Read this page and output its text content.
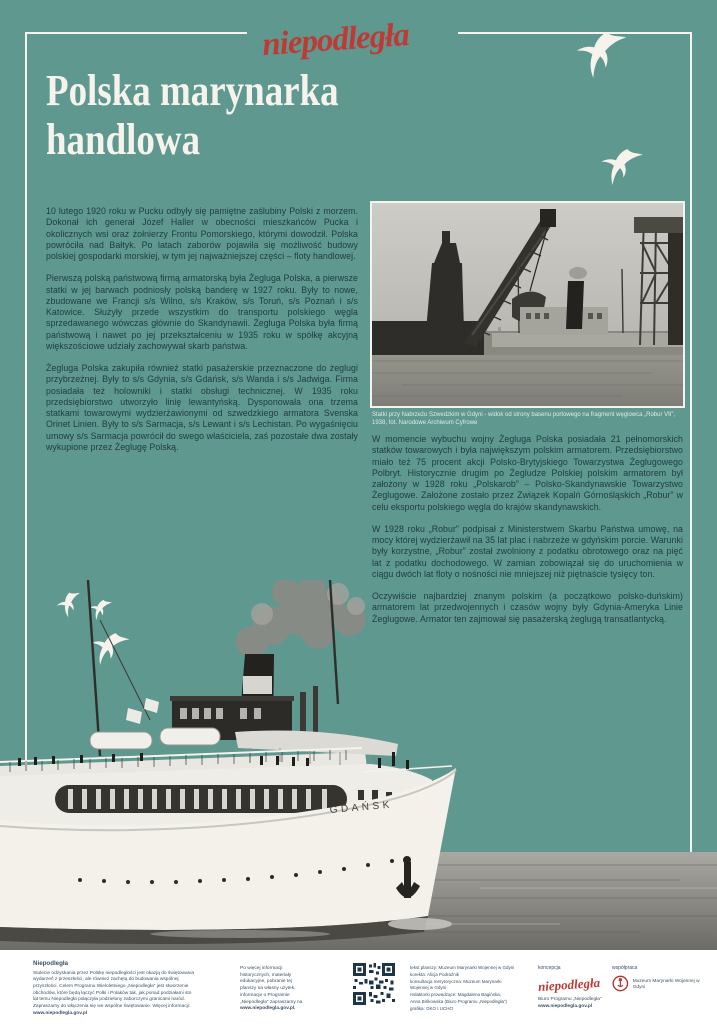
niepodległa
Polska marynarka
handlowa

10 lutego 1920 roku w Pucku odbyły się pamiętne zaślubiny Polski z morzem. Dokonał ich generał Józef Haller w obecności mieszkańców Pucka i okolicznych wsi oraz żołnierzy Frontu Pomorskiego, którymi dowodził. Polska powróciła nad Bałtyk. Po latach zaborów pojawiła się możliwość budowy polskiej gospodarki morskiej, w tym jej najważniejszej części – floty handlowej.

Pierwszą polską państwową firmą armatorską była Żegluga Polska, a pierwsze statki w jej barwach podniosły polską banderę w 1927 roku. Były to nowe, zbudowane we Francji s/s Wilno, s/s Kraków, s/s Toruń, s/s Poznań i s/s Katowice. Służyły przede wszystkim do transportu polskiego węgla sprzedawanego wówczas głównie do Skandynawii. Żegluga Polska była firmą państwową i nawet po jej przekształceniu w 1935 roku w spółkę akcyjną większościowe udziały zachowywał skarb państwa.

Żegluga Polska zakupiła również statki pasażerskie przeznaczone do żeglugi przybrzeżnej. Były to s/s Gdynia, s/s Gdańsk, s/s Wanda i s/s Jadwiga. Firma posiadała też holowniki i statki obsługi technicznej. W 1935 roku przedsiębiorstwo utworzyło linię lewantyńską. Dysponowała ona trzema statkami towarowymi wydzierżawionymi od szwedzkiego armatora Svenska Orinet Linien. Były to s/s Sarmacja, s/s Lewant i s/s Lechistan. Po wygaśnięciu umowy s/s Sarmacja powrócił do swego właściciela, zaś pozostałe dwa zostały wykupione przez Żeglugę Polską.

Statki przy Nabrzeżu Szwedzkim w Gdyni - widok od strony basenu portowego na fragment węglowca „Robur VII”, 1938, fot. Narodowe Archiwum Cyfrowe

W momencie wybuchu wojny Żegluga Polska posiadała 21 pełnomorskich statków towarowych i była największym polskim armatorem. Przedsiębiorstwo miało też 75 procent akcji Polsko-Brytyjskiego Towarzystwa Żeglugowego Polbryt. Historycznie drugim po Żegludze Polskiej polskim armatorem był założony w 1928 roku „Polskarob” – Polsko-Skandynawskie Towarzystwo Żeglugowe. Założone zostało przez Związek Kopalń Górnośląskich „Robur” w celu eksportu polskiego węgla do krajów skandynawskich.

W 1928 roku „Robur” podpisał z Ministerstwem Skarbu Państwa umowę, na mocy której wydzierżawił na 35 lat plac i nabrzeże w gdyńskim porcie. Warunki były korzystne, „Robur” został zwolniony z podatku obrotowego oraz na pięć lat z podatku dochodowego. W zamian zobowiązał się do uruchomienia w ciągu dwóch lat floty o nośności nie mniejszej niż piętnaście tysięcy ton.

Oczywiście najbardziej znanym polskim (a początkowo polsko-duńskim) armatorem lat przedwojennych i czasów wojny były Gdynia-Ameryka Linie Żeglugowe. Armator ten zajmował się pasażerską żeglugą transatlantycką.

GDAŃSK
s/s Gdańsk, fot. Muzeum Marynarki Wojennej
Niepodległa
Stulecie odzyskania przez Polskę niepodległości jest okazją do świętowania wydarzeń z przeszłości, ale również zachętą do budowania wspólnej przyszłości. Celem Programu Wieloletniego „Niepodległa” jest stworzenie obchodów, które będą łączyć Polki i Polaków tak, jak ponad podziałami sto lat temu Niepodległa połączyła podzielony zaborczymi granicami naród. Zapraszamy do włączenia się we wspólne świętowanie. Więcej informacji: www.niepodlegla.gov.pl
Po więcej informacji historycznych, materiały edukacyjne, pobranie tej planszy na własny użytek, informacje o Programie „Niepodległa” zapraszamy na
www.niepodlegla.gov.pl.
tekst planszy: Muzeum Marynarki Wojennej w Gdyni
korekta: Alicja Podraźnik
konsultacja merytoryczna: Muzeum Marynarki
Wojennej w Gdyni
redaktorki prowadzące: Magdalena Bagińska,
Anna Bińkowska (Biuro Programu „Niepodległa”)
grafika: OKO I UCHO
koncepcja
niepodległa
Biuro Programu „Niepodległa”
www.niepodlegla.gov.pl
współpraca
Muzeum Marynarki Wojennej w Gdyni
